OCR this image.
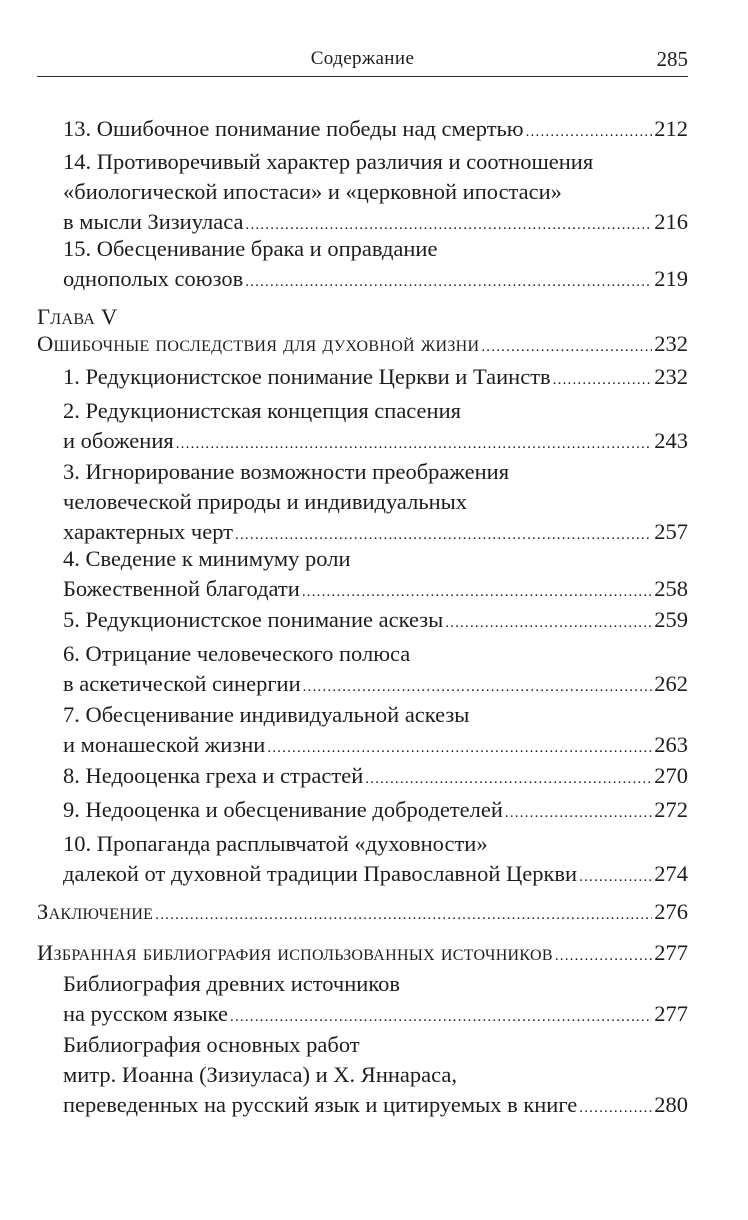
Содержание	285
13. Ошибочное понимание победы над смертью .....	212
14. Противоречивый характер различия и соотношения
«биологической ипостаси» и «церковной ипостаси»
в мысли Зизиуласа .....	216
15. Обесценивание брака и оправдание
однополых союзов .....	219
Глава V
Ошибочные последствия для духовной жизни .....	232
1. Редукционистское понимание Церкви и Таинств .....	232
2. Редукционистская концепция спасения
и обожения .....	243
3. Игнорирование возможности преображения
человеческой природы и индивидуальных
характерных черт .....	257
4. Сведение к минимуму роли
Божественной благодати .....	258
5. Редукционистское понимание аскезы .....	259
6. Отрицание человеческого полюса
в аскетической синергии .....	262
7. Обесценивание индивидуальной аскезы
и монашеской жизни .....	263
8. Недооценка греха и страстей .....	270
9. Недооценка и обесценивание добродетелей .....	272
10. Пропаганда расплывчатой «духовности»
далекой от духовной традиции Православной Церкви .....	274
Заключение .....	276
Избранная библиография использованных источников .....	277
Библиография древних источников
на русском языке .....	277
Библиография основных работ
митр. Иоанна (Зизиуласа) и Х. Яннараса,
переведенных на русский язык и цитируемых в книге .....	280
